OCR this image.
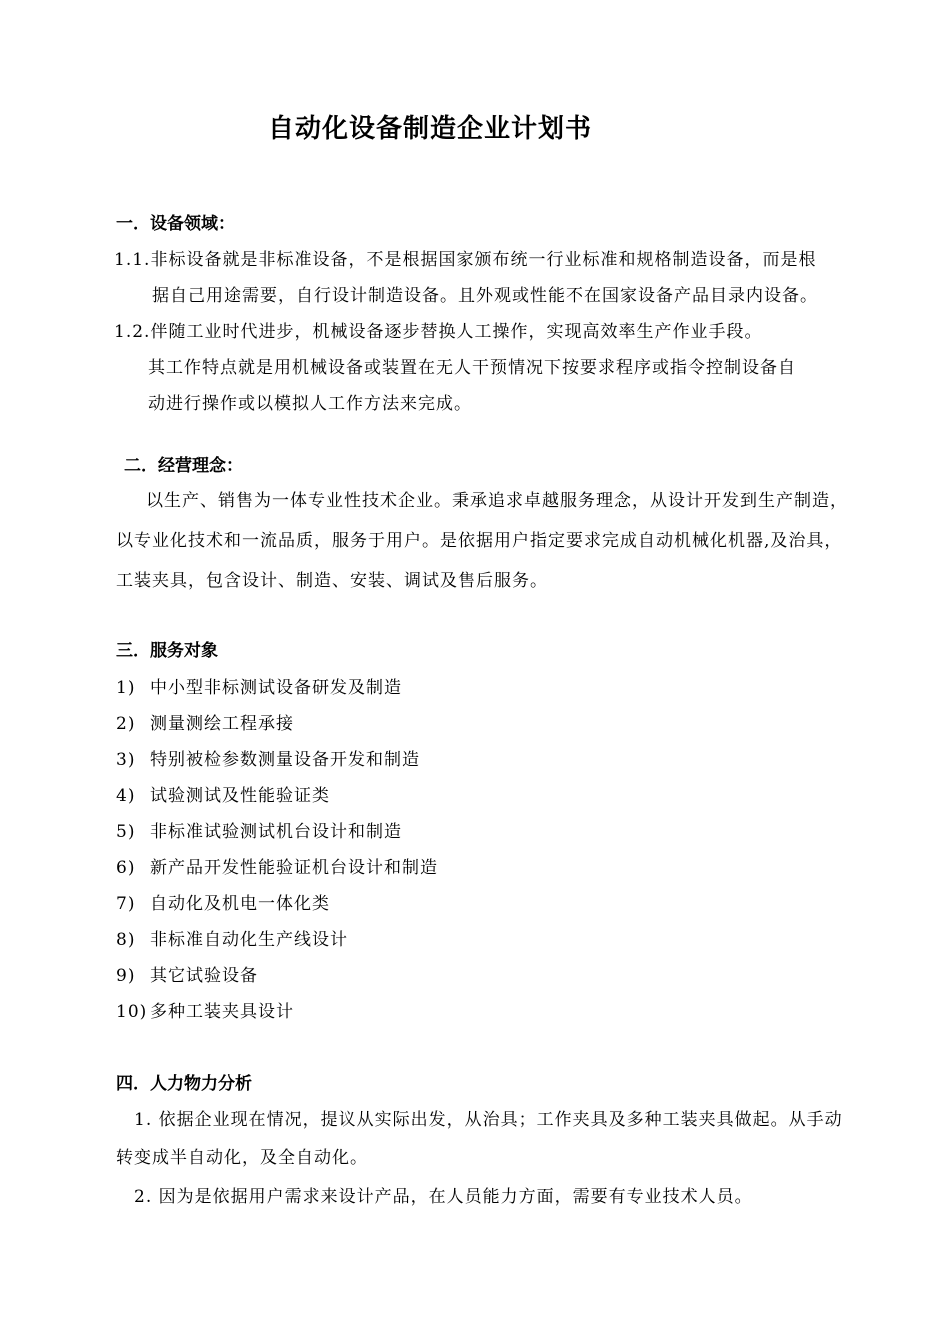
自动化设备制造企业计划书
一．设备领域：
1.1.非标设备就是非标准设备，不是根据国家颁布统一行业标准和规格制造设备，而是根
据自己用途需要，自行设计制造设备。且外观或性能不在国家设备产品目录内设备。
1.2.伴随工业时代进步，机械设备逐步替换人工操作，实现高效率生产作业手段。
其工作特点就是用机械设备或装置在无人干预情况下按要求程序或指令控制设备自
动进行操作或以模拟人工作方法来完成。
二．经营理念：
以生产、销售为一体专业性技术企业。秉承追求卓越服务理念，从设计开发到生产制造，
以专业化技术和一流品质，服务于用户。是依据用户指定要求完成自动机械化机器,及治具，
工装夹具，包含设计、制造、安装、调试及售后服务。
三．服务对象
1) 中小型非标测试设备研发及制造
2) 测量测绘工程承接
3) 特别被检参数测量设备开发和制造
4) 试验测试及性能验证类
5) 非标准试验测试机台设计和制造
6) 新产品开发性能验证机台设计和制造
7) 自动化及机电一体化类
8) 非标准自动化生产线设计
9) 其它试验设备
10) 多种工装夹具设计
四．人力物力分析
1. 依据企业现在情况，提议从实际出发，从治具；工作夹具及多种工装夹具做起。从手动
转变成半自动化，及全自动化。
2. 因为是依据用户需求来设计产品，在人员能力方面，需要有专业技术人员。
